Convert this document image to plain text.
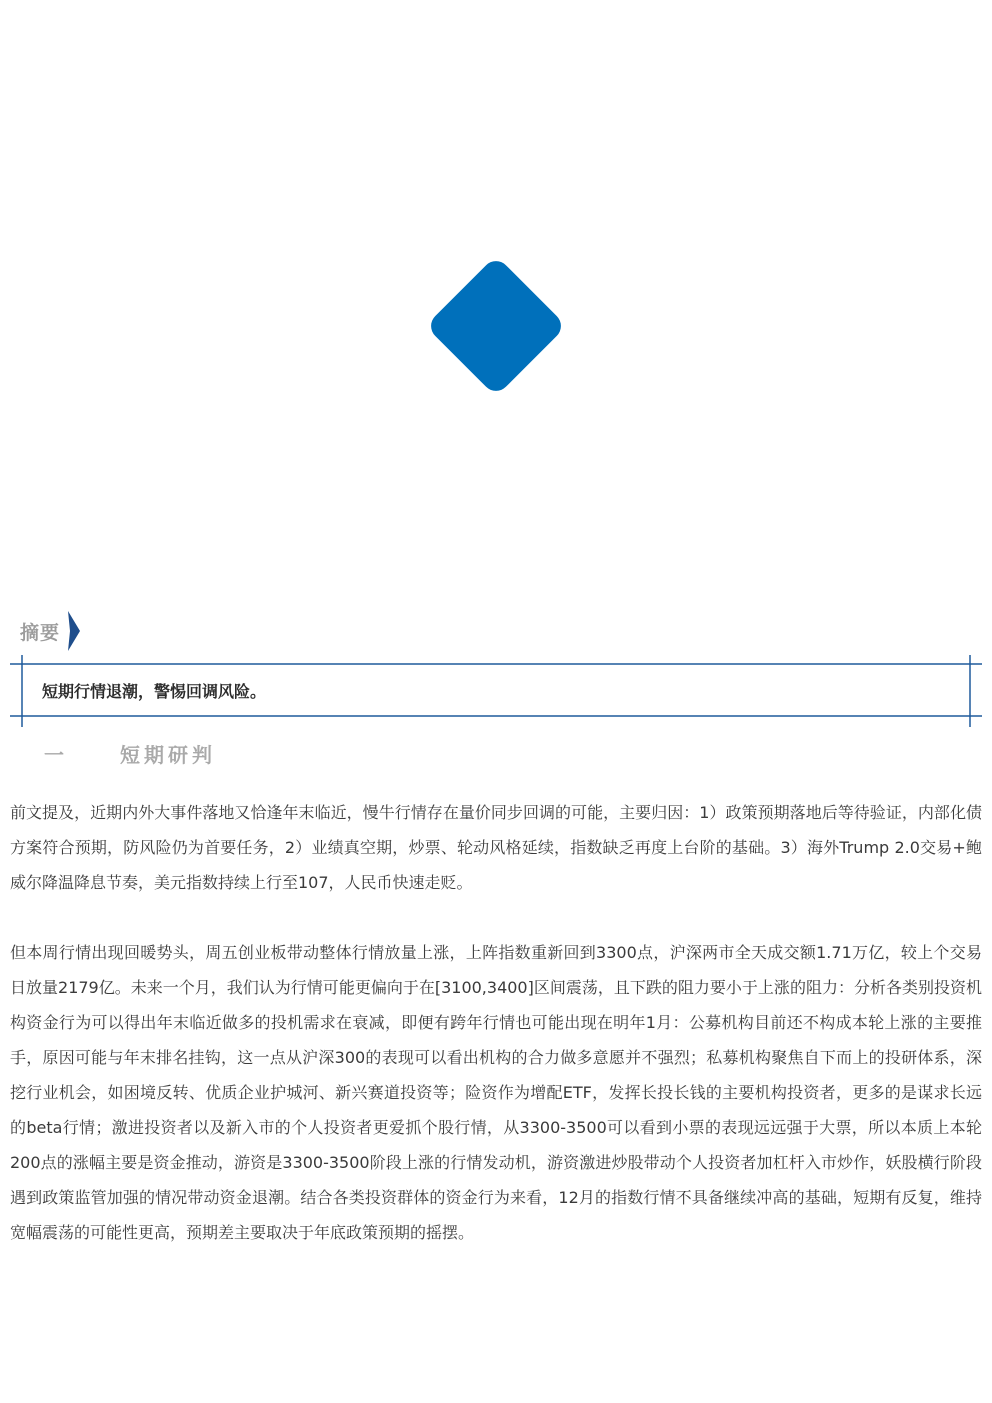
摘要
短期行情退潮，警惕回调风险。
一	短期研判

前文提及，近期内外大事件落地又恰逢年末临近，慢牛行情存在量价同步回调的可能，主要归因：1）政策预期落地后等待验证，内部化债方案符合预期，防风险仍为首要任务，2）业绩真空期，炒票、轮动风格延续，指数缺乏再度上台阶的基础。3）海外Trump 2.0交易+鲍威尔降温降息节奏，美元指数持续上行至107，人民币快速走贬。

但本周行情出现回暖势头，周五创业板带动整体行情放量上涨，上阵指数重新回到3300点，沪深两市全天成交额1.71万亿，较上个交易日放量2179亿。未来一个月，我们认为行情可能更偏向于在[3100,3400]区间震荡，且下跌的阻力要小于上涨的阻力：分析各类别投资机构资金行为可以得出年末临近做多的投机需求在衰减，即便有跨年行情也可能出现在明年1月：公募机构目前还不构成本轮上涨的主要推手，原因可能与年末排名挂钩，这一点从沪深300的表现可以看出机构的合力做多意愿并不强烈；私募机构聚焦自下而上的投研体系，深挖行业机会，如困境反转、优质企业护城河、新兴赛道投资等；险资作为增配ETF，发挥长投长钱的主要机构投资者，更多的是谋求长远的beta行情；激进投资者以及新入市的个人投资者更爱抓个股行情，从3300-3500可以看到小票的表现远远强于大票，所以本质上本轮200点的涨幅主要是资金推动，游资是3300-3500阶段上涨的行情发动机，游资激进炒股带动个人投资者加杠杆入市炒作，妖股横行阶段遇到政策监管加强的情况带动资金退潮。结合各类投资群体的资金行为来看，12月的指数行情不具备继续冲高的基础，短期有反复，维持宽幅震荡的可能性更高，预期差主要取决于年底政策预期的摇摆。
